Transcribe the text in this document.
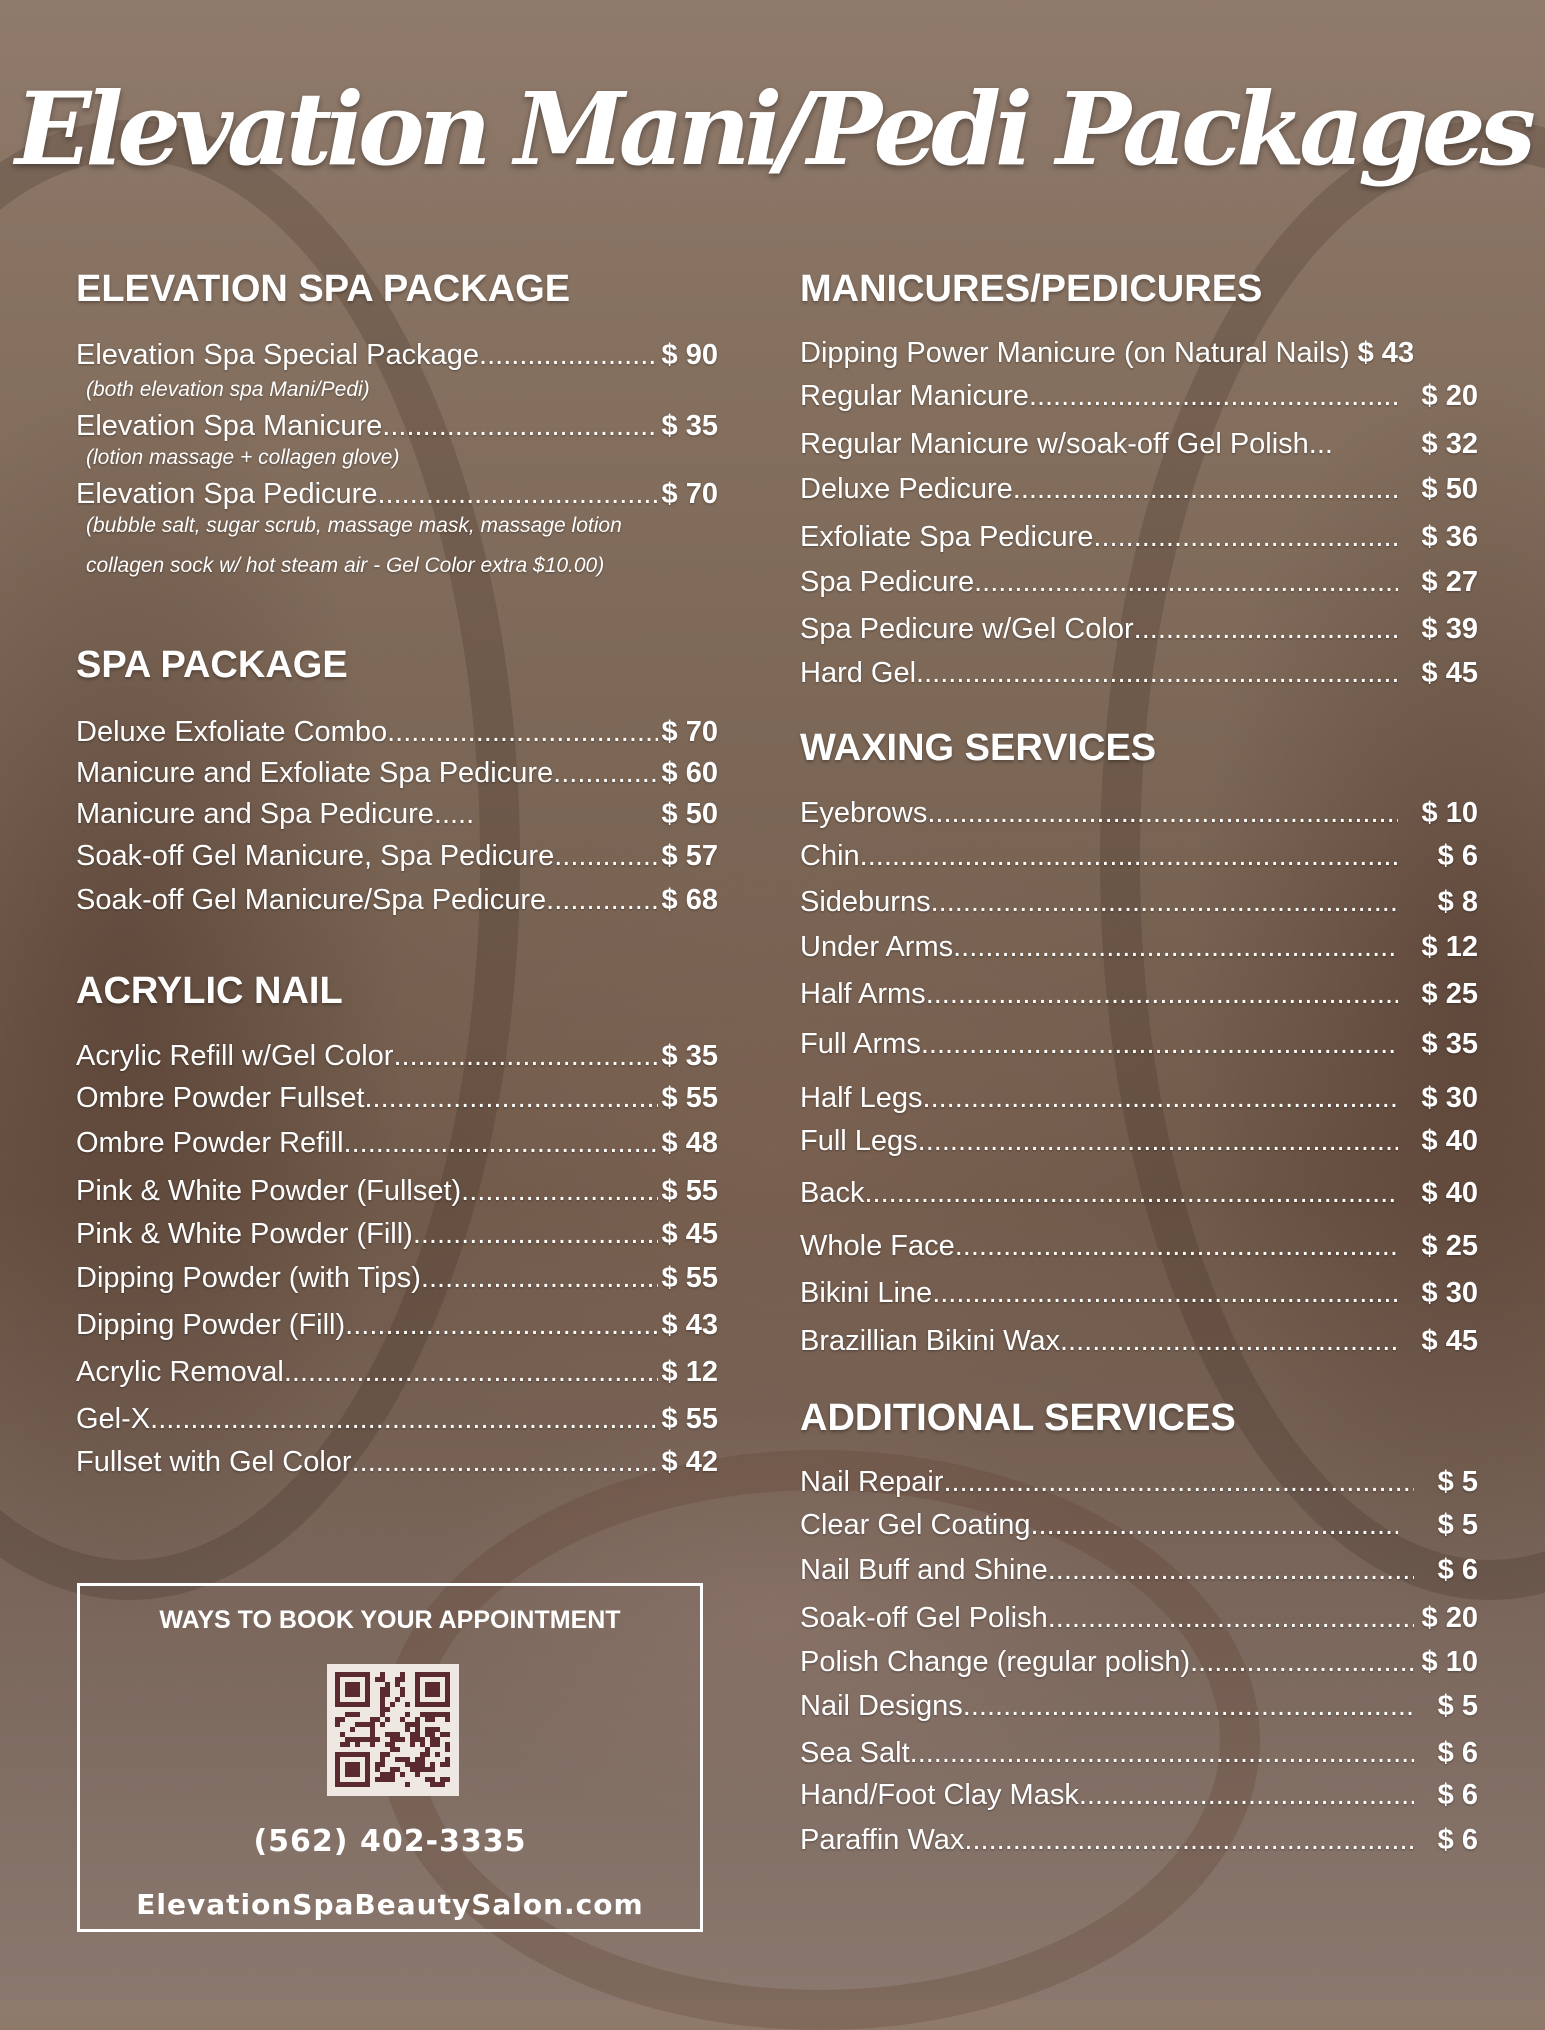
Elevation Mani/Pedi Packages
ELEVATION SPA PACKAGE
Elevation Spa Special Package .....	$ 90
(both elevation spa Mani/Pedi)
Elevation Spa Manicure .....	$ 35
(lotion massage + collagen glove)
Elevation Spa Pedicure .....	$ 70
(bubble salt, sugar scrub, massage mask, massage lotion
collagen sock w/ hot steam air - Gel Color extra $10.00)
SPA PACKAGE
Deluxe Exfoliate Combo .....	$ 70
Manicure and Exfoliate Spa Pedicure .....	$ 60
Manicure and Spa Pedicure.....	$ 50
Soak-off Gel Manicure, Spa Pedicure .....	$ 57
Soak-off Gel Manicure/Spa Pedicure .....	$ 68
ACRYLIC NAIL
Acrylic Refill w/Gel Color .....	$ 35
Ombre Powder Fullset .....	$ 55
Ombre Powder Refill .....	$ 48
Pink & White Powder (Fullset) .....	$ 55
Pink & White Powder (Fill) .....	$ 45
Dipping Powder (with Tips) .....	$ 55
Dipping Powder (Fill) .....	$ 43
Acrylic Removal .....	$ 12
Gel-X .....	$ 55
Fullset with Gel Color .....	$ 42
MANICURES/PEDICURES
Dipping Power Manicure (on Natural Nails) $ 43
Regular Manicure .....	$ 20
Regular Manicure w/soak-off Gel Polish...	$ 32
Deluxe Pedicure .....	$ 50
Exfoliate Spa Pedicure .....	$ 36
Spa Pedicure .....	$ 27
Spa Pedicure w/Gel Color .....	$ 39
Hard Gel .....	$ 45
WAXING SERVICES
Eyebrows .....	$ 10
Chin .....	$ 6
Sideburns .....	$ 8
Under Arms .....	$ 12
Half Arms .....	$ 25
Full Arms .....	$ 35
Half Legs .....	$ 30
Full Legs .....	$ 40
Back .....	$ 40
Whole Face .....	$ 25
Bikini Line .....	$ 30
Brazillian Bikini Wax .....	$ 45
ADDITIONAL SERVICES
Nail Repair .....	$ 5
Clear Gel Coating .....	$ 5
Nail Buff and Shine .....	$ 6
Soak-off Gel Polish .....	$ 20
Polish Change (regular polish) .....	$ 10
Nail Designs .....	$ 5
Sea Salt .....	$ 6
Hand/Foot Clay Mask .....	$ 6
Paraffin Wax .....	$ 6
WAYS TO BOOK YOUR APPOINTMENT
(562) 402-3335
ElevationSpaBeautySalon.com
